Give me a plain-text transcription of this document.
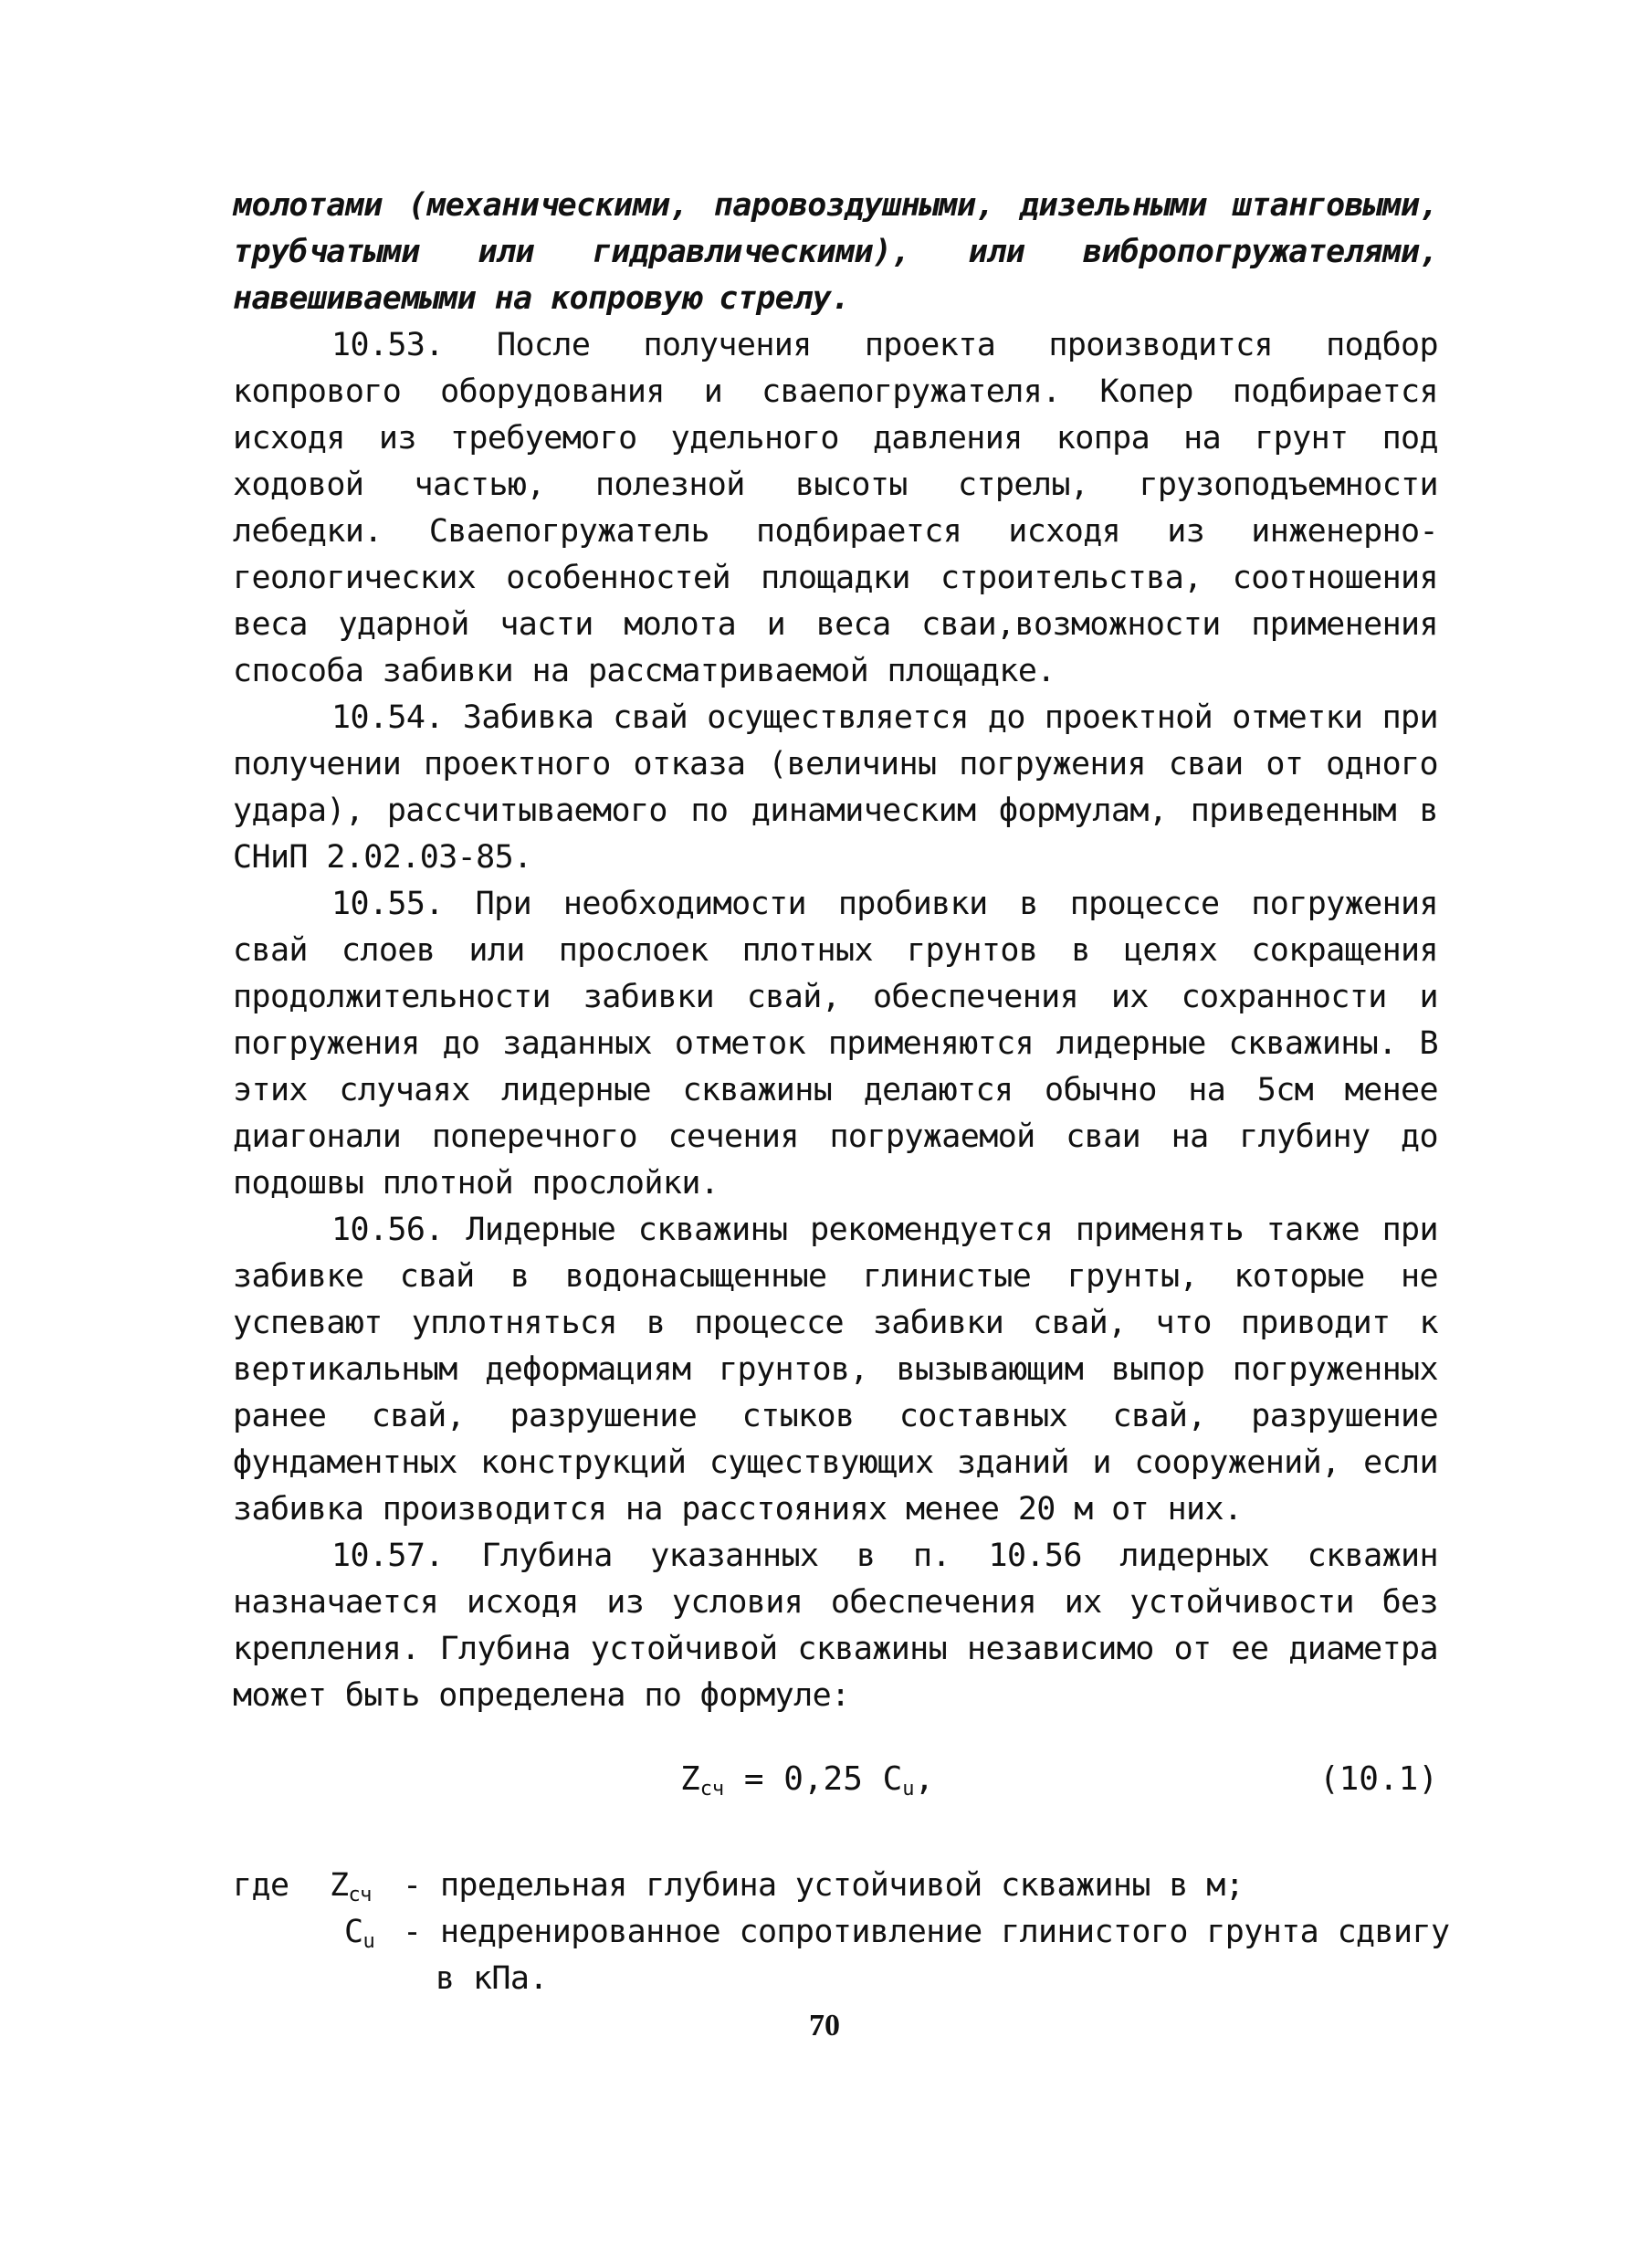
молотами (механическими, паровоздушными, дизельными штанговыми, трубчатыми или гидравлическими), или вибропогружателями, навешиваемыми на копровую стрелу.

10.53. После получения проекта производится подбор копрового оборудования и сваепогружателя. Копер подбирается исходя из требуемого удельного давления копра на грунт под ходовой частью, полезной высоты стрелы, грузоподъемности лебедки. Сваепогружатель подбирается исходя из инженерно-геологических особенностей площадки строительства, соотношения веса ударной части молота и веса сваи,возможности применения способа забивки на рассматриваемой площадке.

10.54. Забивка свай осуществляется до проектной отметки при получении проектного отказа (величины погружения сваи от одного удара), рассчитываемого по динамическим формулам, приведенным в СНиП 2.02.03-85.

10.55. При необходимости пробивки в процессе погружения свай слоев или прослоек плотных грунтов в целях сокращения продолжительности забивки свай, обеспечения их сохранности и погружения до заданных отметок применяются лидерные скважины. В этих случаях лидерные скважины делаются обычно на 5см менее диагонали поперечного сечения погружаемой сваи на глубину до подошвы плотной прослойки.

10.56. Лидерные скважины рекомендуется применять также при забивке свай в водонасыщенные глинистые грунты, которые не успевают уплотняться в процессе забивки свай, что приводит к вертикальным деформациям грунтов, вызывающим выпор погруженных ранее свай, разрушение стыков составных свай, разрушение фундаментных конструкций существующих зданий и сооружений, если забивка производится на расстояниях менее 20 м от них.

10.57. Глубина указанных в п. 10.56 лидерных скважин назначается исходя из условия обеспечения их устойчивости без крепления. Глубина устойчивой скважины независимо от ее диаметра может быть определена по формуле:

$Z_{сч} = 0,25$ $C_u$,	(10.1)
где $Z_{сч}$ - предельная глубина устойчивой скважины в м;
$C_u$ - недренированное сопротивление глинистого грунта сдвигу
в кПа.
70
